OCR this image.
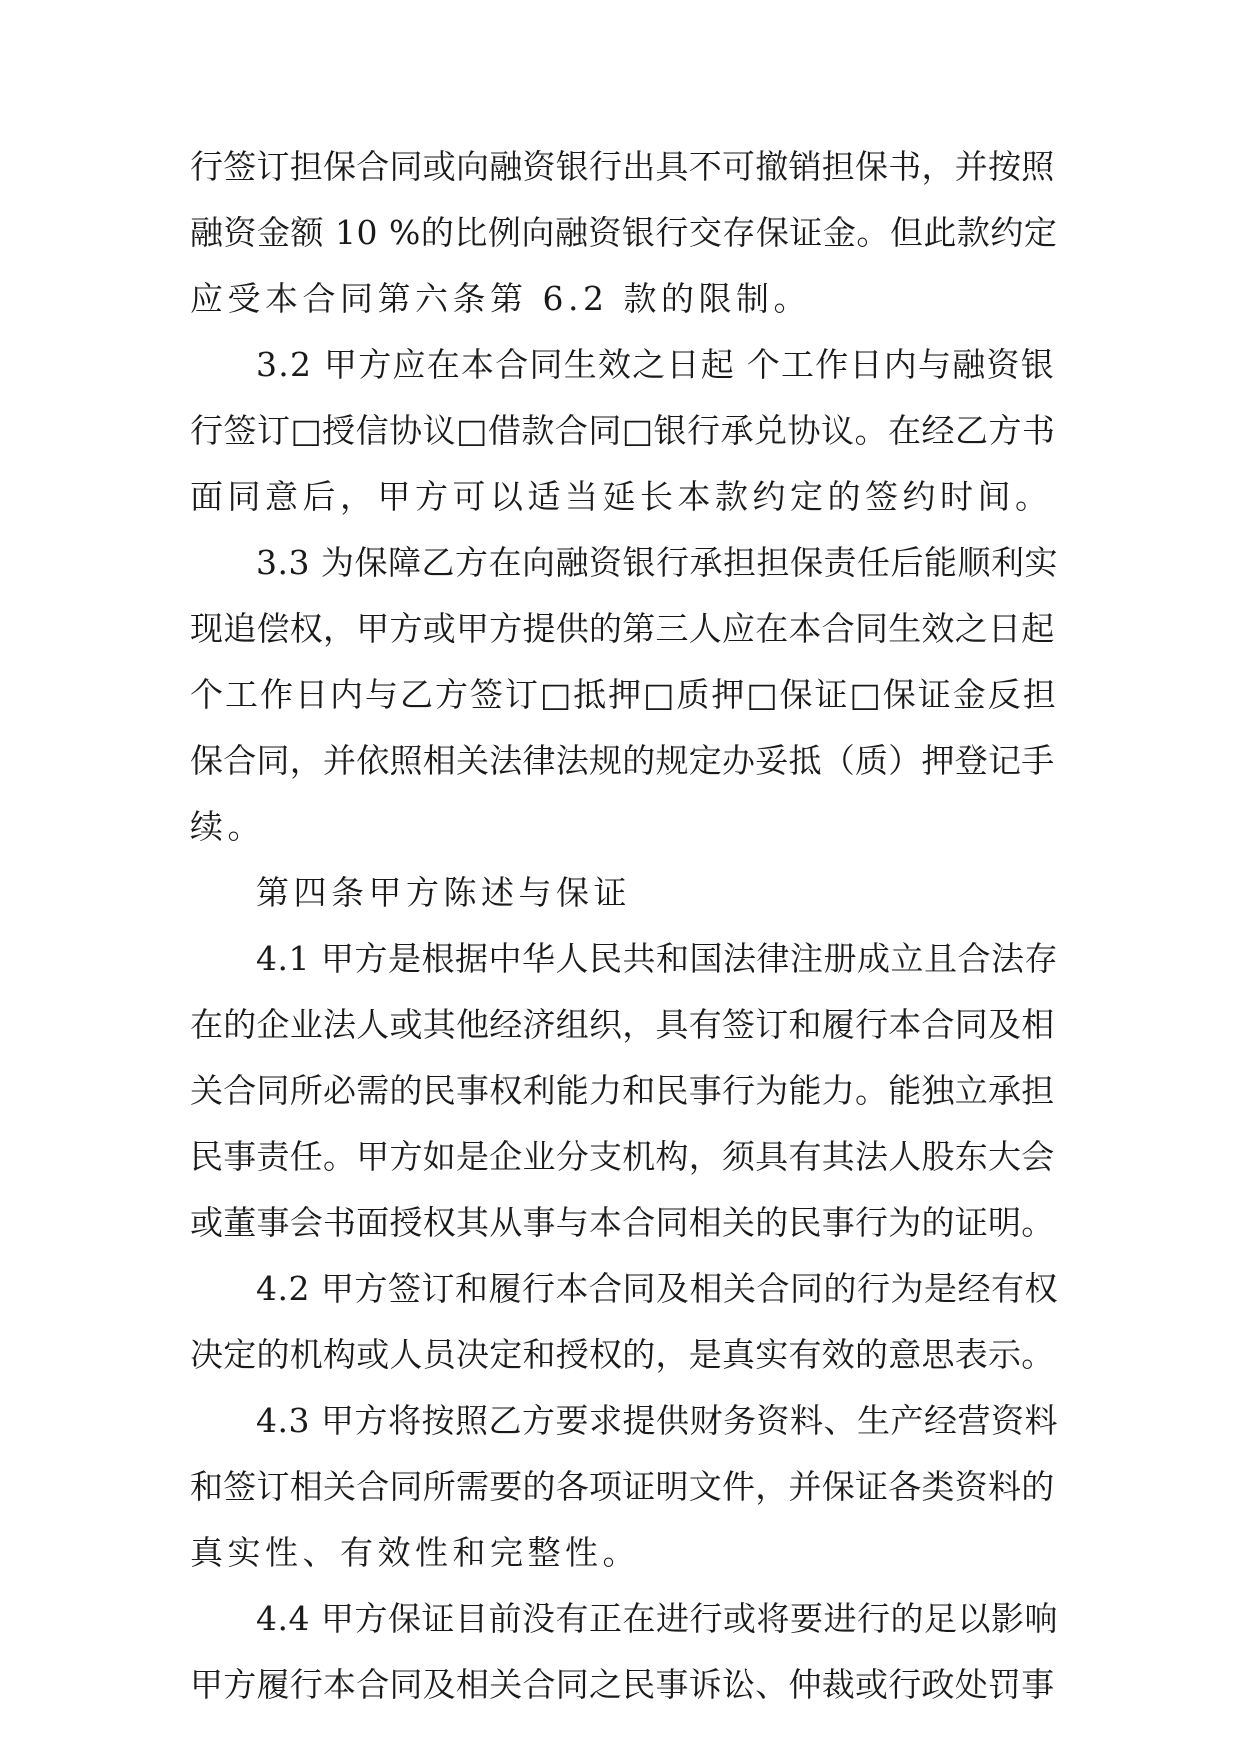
行签订担保合同或向融资银行出具不可撤销担保书，并按照
融资金额 10 %的比例向融资银行交存保证金。但此款约定
应受本合同第六条第 6.2 款的限制。
3.2 甲方应在本合同生效之日起 个工作日内与融资银
行签订□授信协议□借款合同□银行承兑协议。在经乙方书
面同意后，甲方可以适当延长本款约定的签约时间。
3.3 为保障乙方在向融资银行承担担保责任后能顺利实
现追偿权，甲方或甲方提供的第三人应在本合同生效之日起
个工作日内与乙方签订□抵押□质押□保证□保证金反担
保合同，并依照相关法律法规的规定办妥抵（质）押登记手
续。
第四条甲方陈述与保证
4.1 甲方是根据中华人民共和国法律注册成立且合法存
在的企业法人或其他经济组织，具有签订和履行本合同及相
关合同所必需的民事权利能力和民事行为能力。能独立承担
民事责任。甲方如是企业分支机构，须具有其法人股东大会
或董事会书面授权其从事与本合同相关的民事行为的证明。
4.2 甲方签订和履行本合同及相关合同的行为是经有权
决定的机构或人员决定和授权的，是真实有效的意思表示。
4.3 甲方将按照乙方要求提供财务资料、生产经营资料
和签订相关合同所需要的各项证明文件，并保证各类资料的
真实性、有效性和完整性。
4.4 甲方保证目前没有正在进行或将要进行的足以影响
甲方履行本合同及相关合同之民事诉讼、仲裁或行政处罚事
